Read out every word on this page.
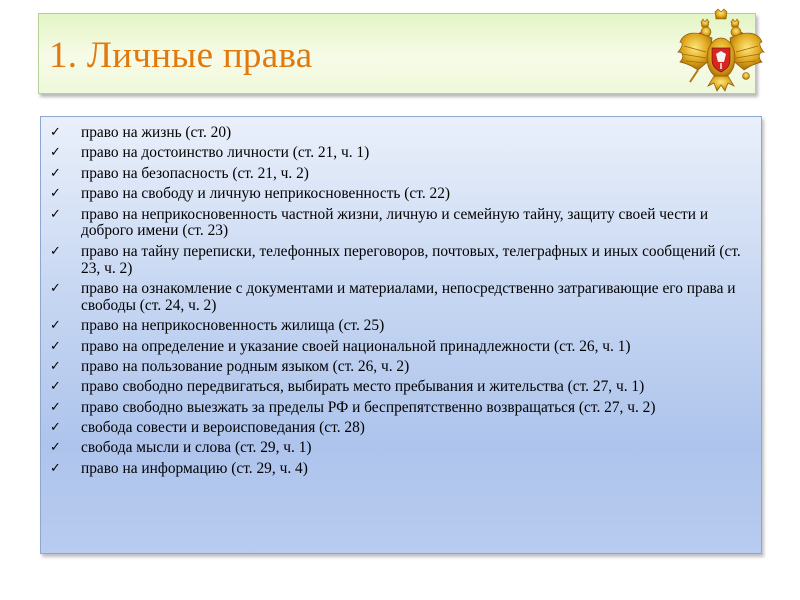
1. Личные права
✓ право на жизнь (ст. 20)
✓ право на достоинство личности (ст. 21, ч. 1)
✓ право на безопасность (ст. 21, ч. 2)
✓ право на свободу и личную неприкосновенность (ст. 22)
✓ право на неприкосновенность частной жизни, личную и семейную тайну, защиту своей чести и доброго имени (ст. 23)
✓ право на тайну переписки, телефонных переговоров, почтовых, телеграфных и иных сообщений (ст. 23, ч. 2)
✓ право на ознакомление с документами и материалами, непосредственно затрагивающие его права и свободы (ст. 24, ч. 2)
✓ право на неприкосновенность жилища (ст. 25)
✓ право на определение и указание своей национальной принадлежности (ст. 26, ч. 1)
✓ право на пользование родным языком (ст. 26, ч. 2)
✓ право свободно передвигаться, выбирать место пребывания и жительства (ст. 27, ч. 1)
✓ право свободно выезжать за пределы РФ и беспрепятственно возвращаться (ст. 27, ч. 2)
✓ свобода совести и вероисповедания (ст. 28)
✓ свобода мысли и слова (ст. 29, ч. 1)
✓ право на информацию (ст. 29, ч. 4)
